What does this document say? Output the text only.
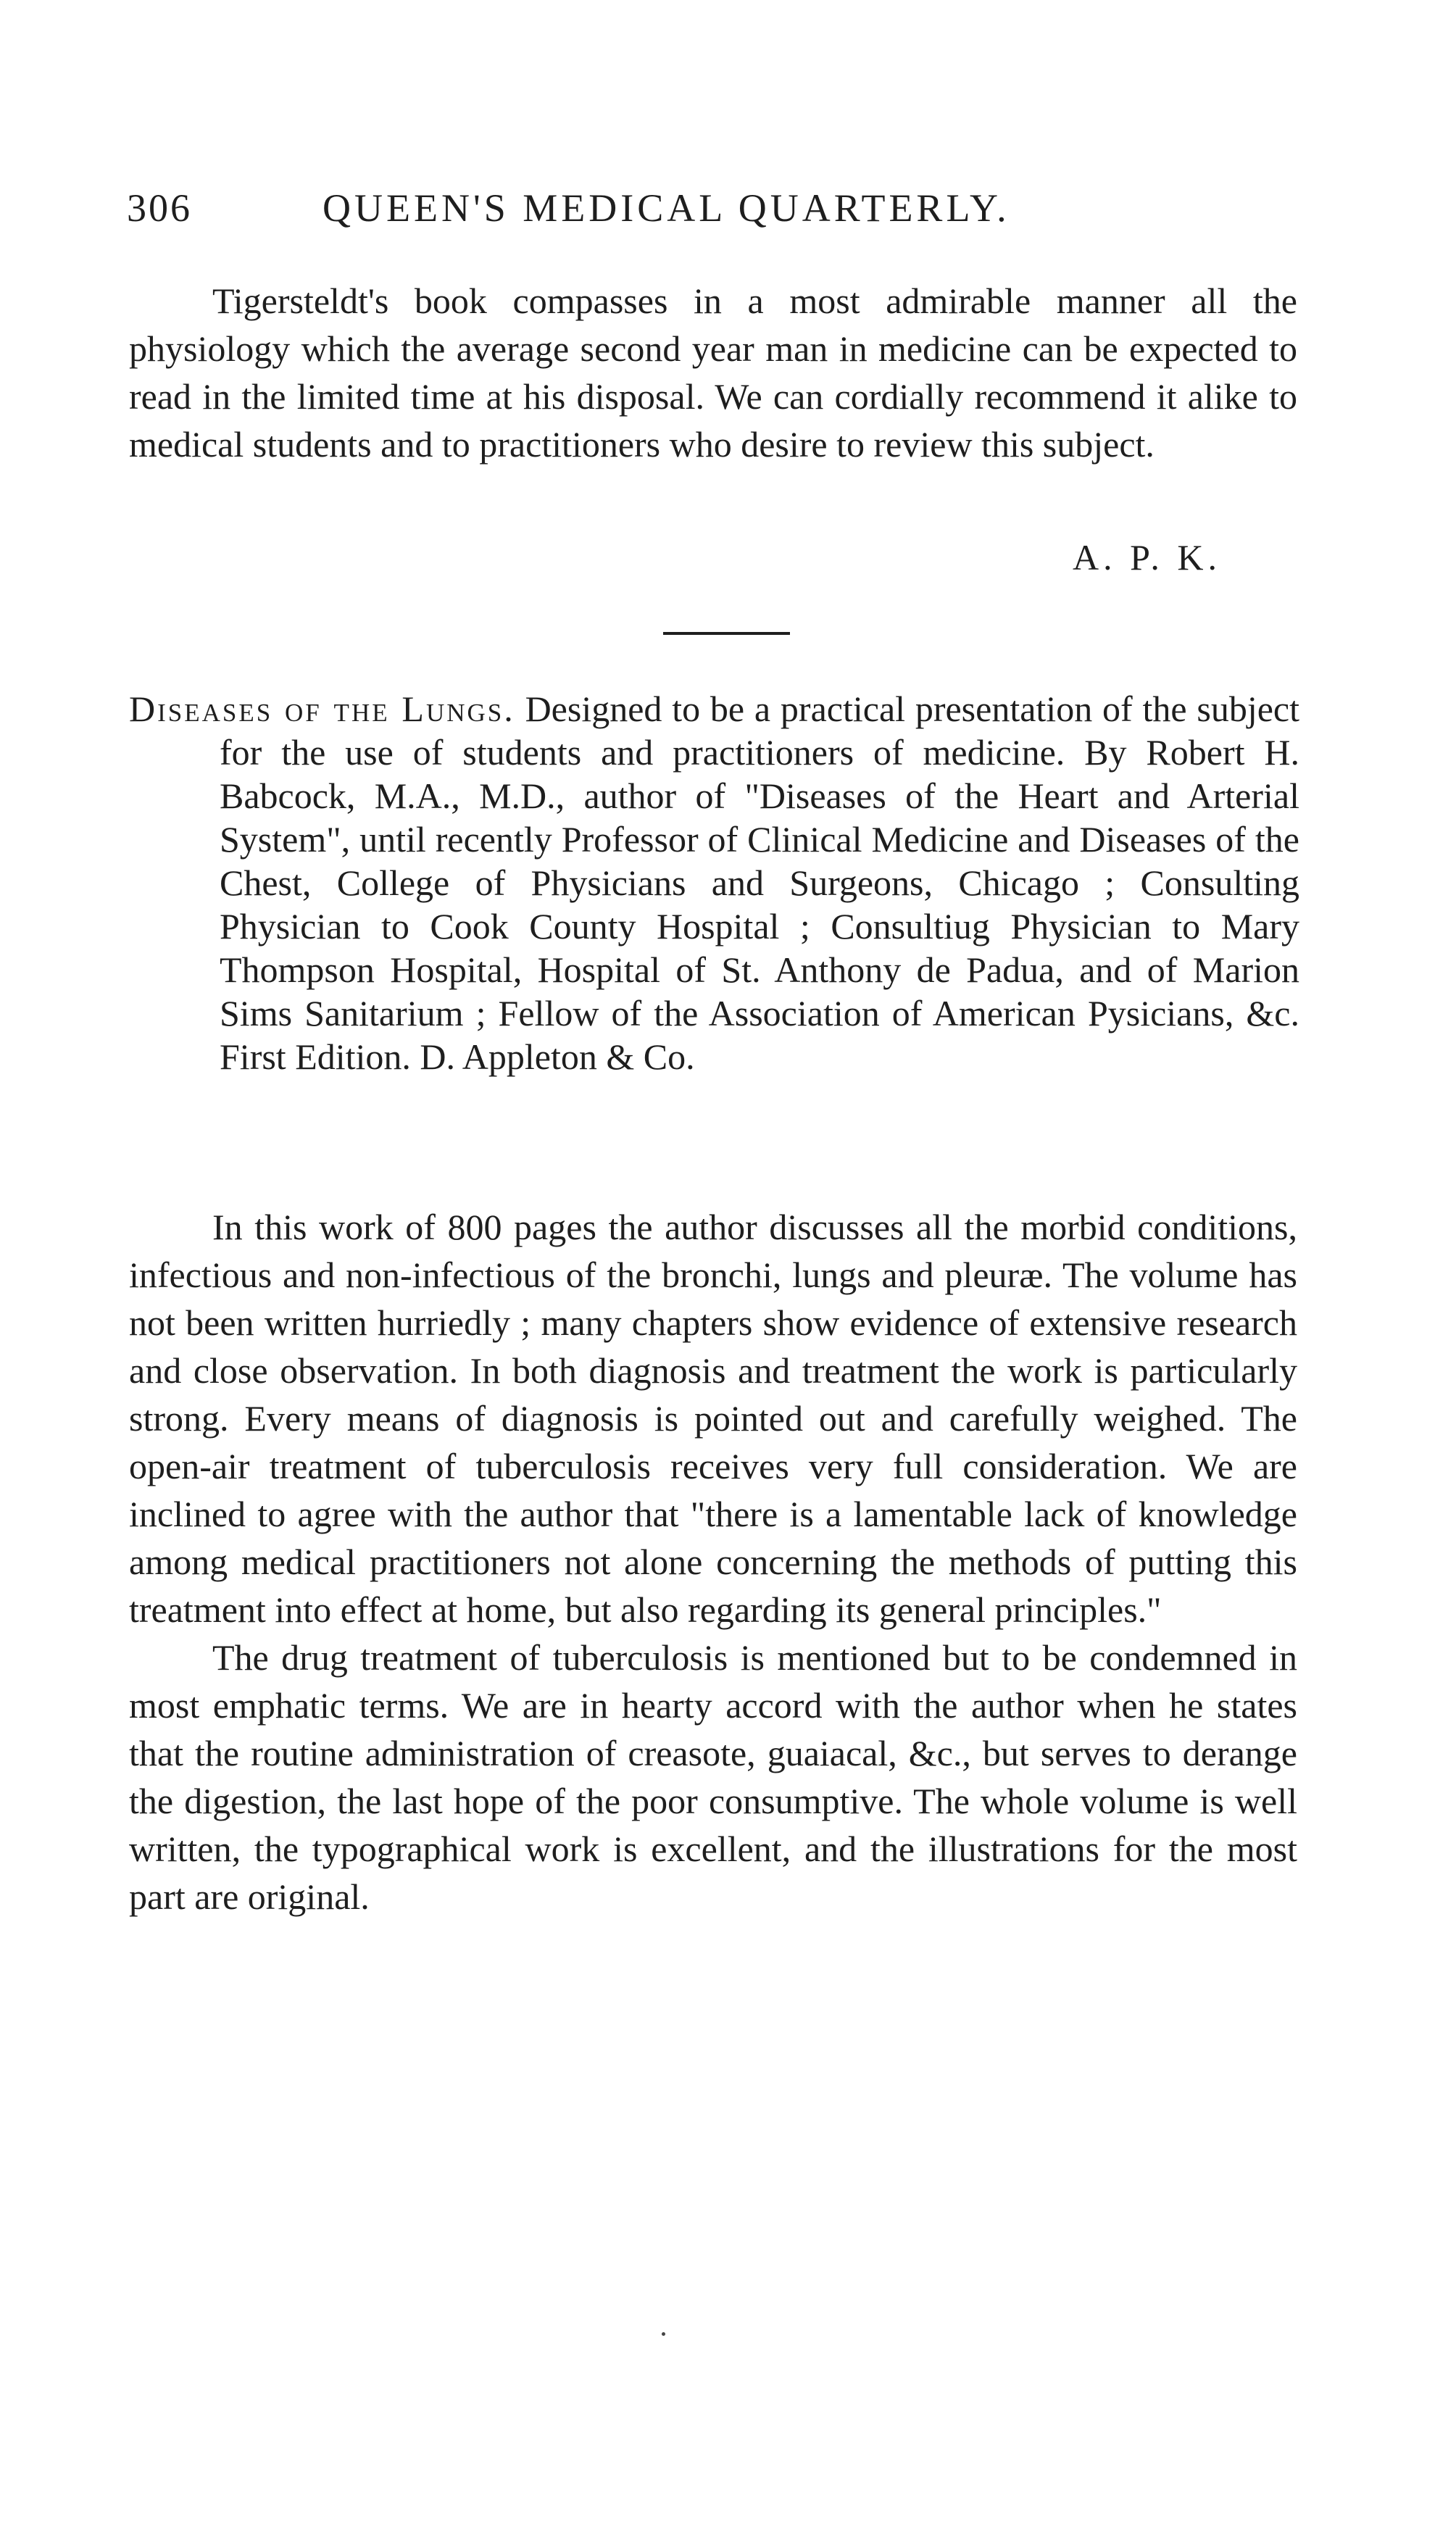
306	QUEEN'S MEDICAL QUARTERLY.

Tigersteldt's book compasses in a most admirable manner all the physiology which the average second year man in medicine can be expected to read in the limited time at his disposal. We can cordially recommend it alike to medical students and to practitioners who desire to review this subject.

A. P. K.
Diseases of the Lungs. Designed to be a practical presentation of the subject for the use of students and practitioners of medicine. By Robert H. Babcock, M.A., M.D., author of "Diseases of the Heart and Arterial System", until recently Professor of Clinical Medicine and Diseases of the Chest, College of Physicians and Surgeons, Chicago ; Consulting Physician to Cook County Hospital ; Consultiug Physician to Mary Thompson Hospital, Hospital of St. Anthony de Padua, and of Marion Sims Sanitarium ; Fellow of the Association of American Pysicians, &c. First Edition. D. Appleton & Co.

In this work of 800 pages the author discusses all the morbid conditions, infectious and non-infectious of the bronchi, lungs and pleuræ. The volume has not been written hurriedly ; many chapters show evidence of extensive research and close observation. In both diagnosis and treatment the work is particularly strong. Every means of diagnosis is pointed out and carefully weighed. The open-air treatment of tuberculosis receives very full consideration. We are inclined to agree with the author that "there is a lamentable lack of knowledge among medical practitioners not alone concerning the methods of putting this treatment into effect at home, but also regarding its general principles."

The drug treatment of tuberculosis is mentioned but to be condemned in most emphatic terms. We are in hearty accord with the author when he states that the routine administration of creasote, guaiacal, &c., but serves to derange the digestion, the last hope of the poor consumptive. The whole volume is well written, the typographical work is excellent, and the illustrations for the most part are original.
